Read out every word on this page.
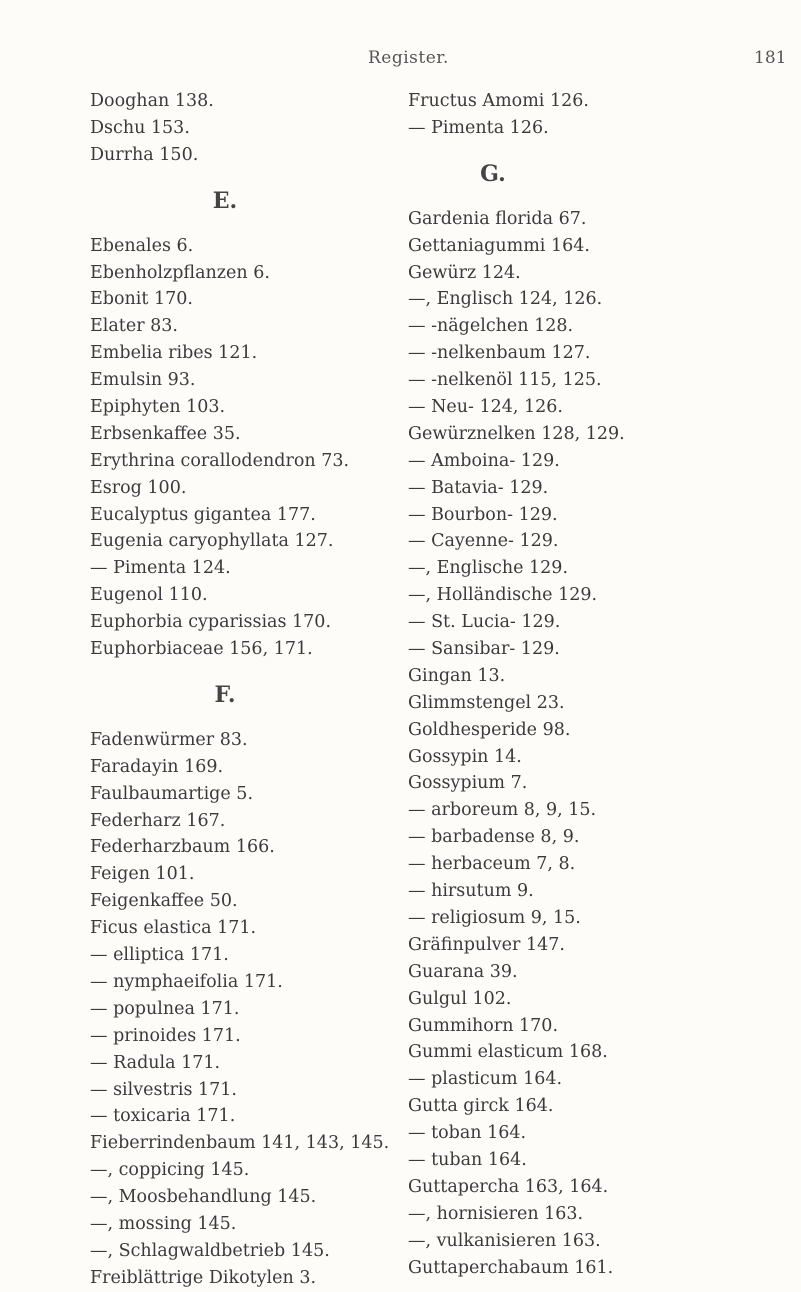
Register.	181
Dooghan 138.
Dschu 153.
Durrha 150.
E.
Ebenales 6.
Ebenholzpflanzen 6.
Ebonit 170.
Elater 83.
Embelia ribes 121.
Emulsin 93.
Epiphyten 103.
Erbsenkaffee 35.
Erythrina corallodendron 73.
Esrog 100.
Eucalyptus gigantea 177.
Eugenia caryophyllata 127.
— Pimenta 124.
Eugenol 110.
Euphorbia cyparissias 170.
Euphorbiaceae 156, 171.
F.
Fadenwürmer 83.
Faradayin 169.
Faulbaumartige 5.
Federharz 167.
Federharzbaum 166.
Feigen 101.
Feigenkaffee 50.
Ficus elastica 171.
— elliptica 171.
— nymphaeifolia 171.
— populnea 171.
— prinoides 171.
— Radula 171.
— silvestris 171.
— toxicaria 171.
Fieberrindenbaum 141, 143, 145.
—, coppicing 145.
—, Moosbehandlung 145.
—, mossing 145.
—, Schlagwaldbetrieb 145.
Freiblättrige Dikotylen 3.
Fructus Amomi 126.
— Pimenta 126.
G.
Gardenia florida 67.
Gettaniagummi 164.
Gewürz 124.
—, Englisch 124, 126.
— -nägelchen 128.
— -nelkenbaum 127.
— -nelkenöl 115, 125.
— Neu- 124, 126.
Gewürznelken 128, 129.
— Amboina- 129.
— Batavia- 129.
— Bourbon- 129.
— Cayenne- 129.
—, Englische 129.
—, Holländische 129.
— St. Lucia- 129.
— Sansibar- 129.
Gingan 13.
Glimmstengel 23.
Goldhesperide 98.
Gossypin 14.
Gossypium 7.
— arboreum 8, 9, 15.
— barbadense 8, 9.
— herbaceum 7, 8.
— hirsutum 9.
— religiosum 9, 15.
Gräfinpulver 147.
Guarana 39.
Gulgul 102.
Gummihorn 170.
Gummi elasticum 168.
— plasticum 164.
Gutta girck 164.
— toban 164.
— tuban 164.
Guttapercha 163, 164.
—, hornisieren 163.
—, vulkanisieren 163.
Guttaperchabaum 161.
